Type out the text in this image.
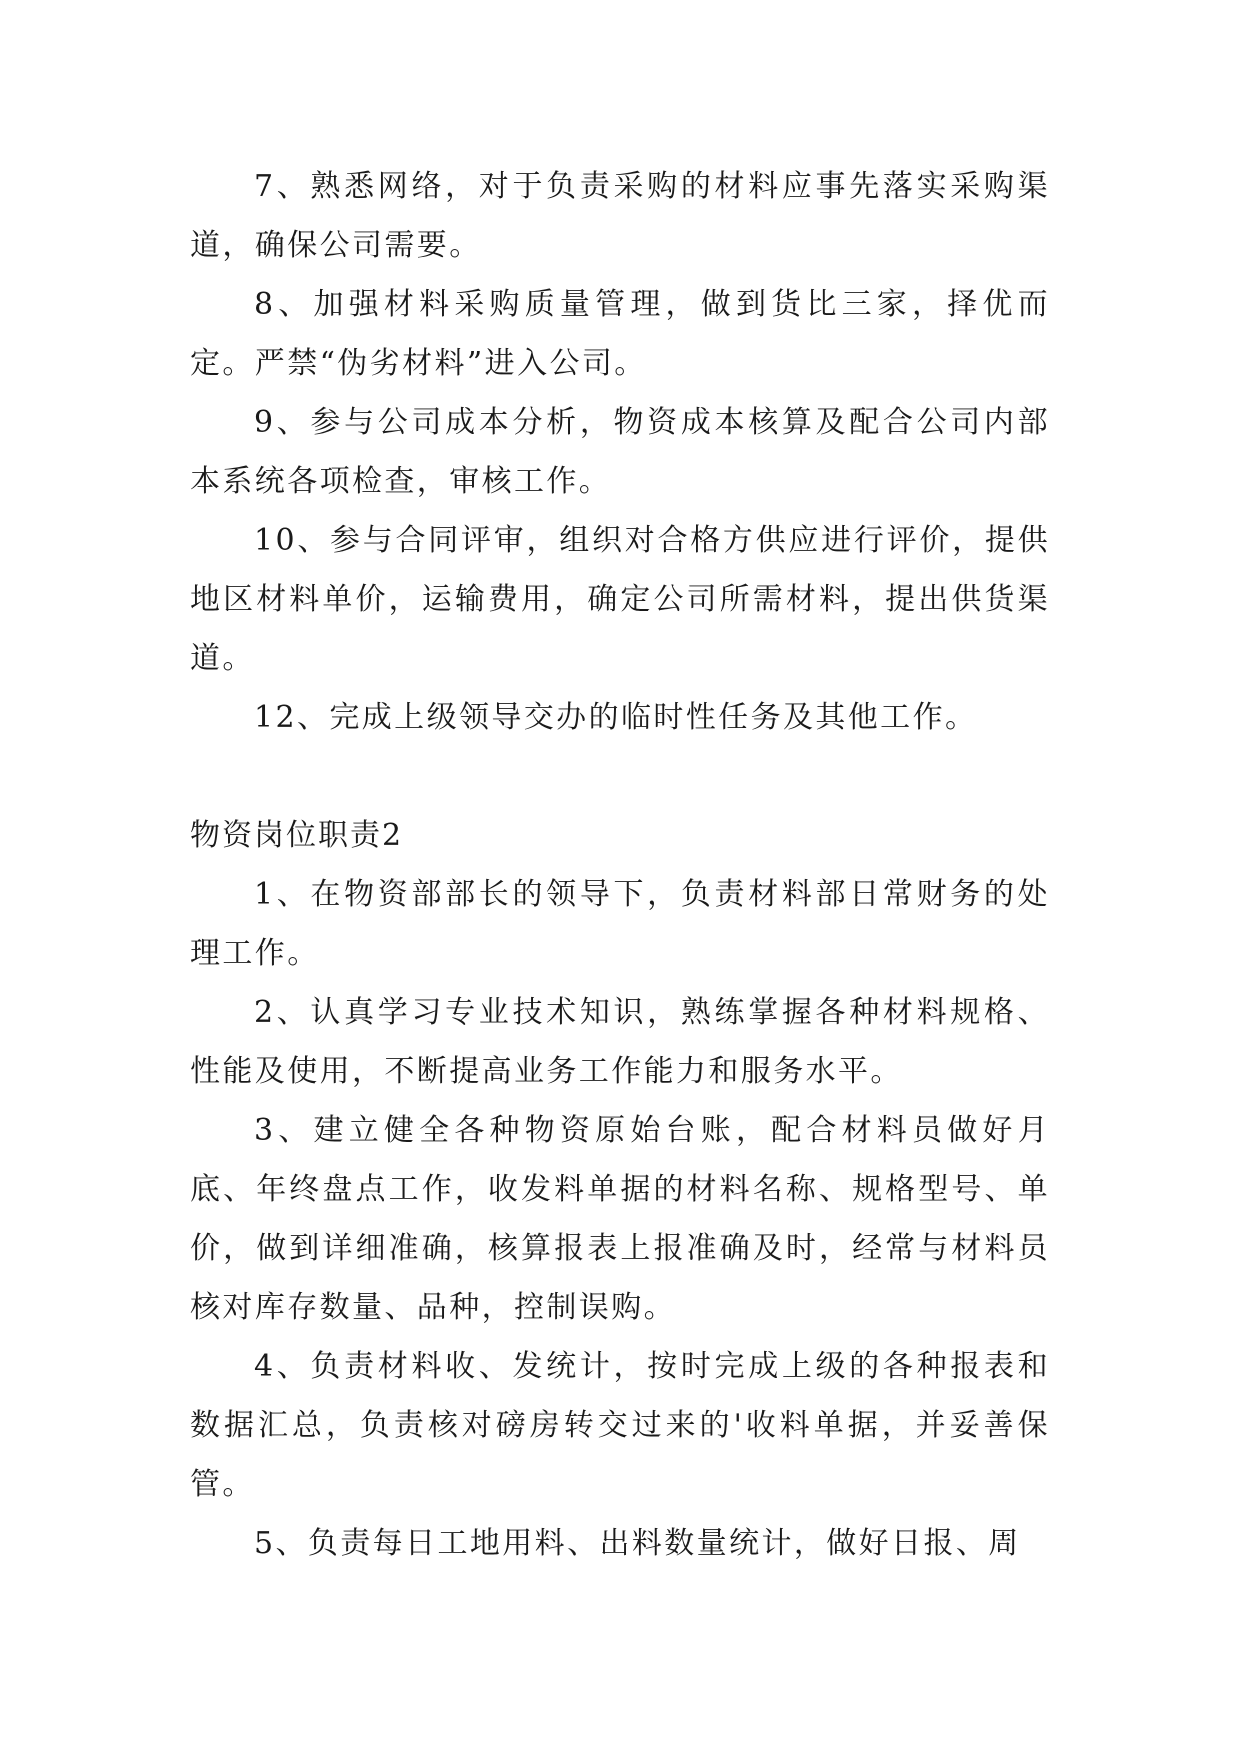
7、熟悉网络，对于负责采购的材料应事先落实采购渠道，确保公司需要。

8、加强材料采购质量管理，做到货比三家，择优而定。严禁“伪劣材料”进入公司。

9、参与公司成本分析，物资成本核算及配合公司内部本系统各项检查，审核工作。

10、参与合同评审，组织对合格方供应进行评价，提供地区材料单价，运输费用，确定公司所需材料，提出供货渠道。

12、完成上级领导交办的临时性任务及其他工作。

物资岗位职责2

1、在物资部部长的领导下，负责材料部日常财务的处理工作。

2、认真学习专业技术知识，熟练掌握各种材料规格、性能及使用，不断提高业务工作能力和服务水平。

3、建立健全各种物资原始台账，配合材料员做好月底、年终盘点工作，收发料单据的材料名称、规格型号、单价，做到详细准确，核算报表上报准确及时，经常与材料员核对库存数量、品种，控制误购。

4、负责材料收、发统计，按时完成上级的各种报表和数据汇总，负责核对磅房转交过来的'收料单据，并妥善保管。

5、负责每日工地用料、出料数量统计，做好日报、周
